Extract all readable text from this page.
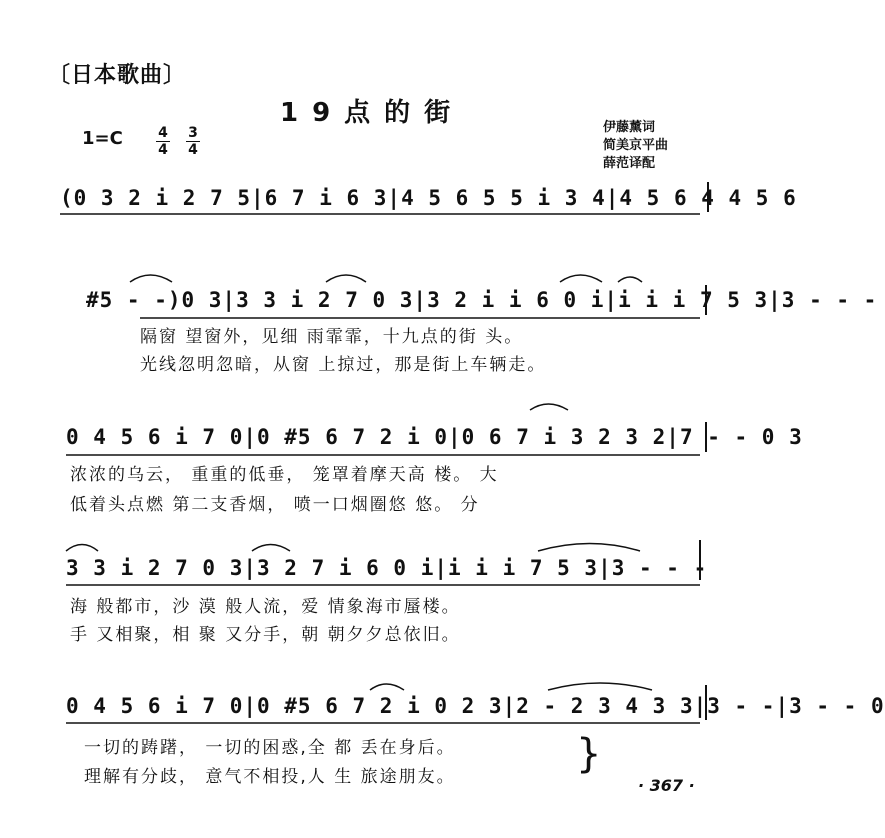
〔日本歌曲〕
19点的街
1=C	4
4
3
4
伊藤薰词
简美京平曲
薛范译配
(0 3 2 i 2 7 5|6 7 i 6 3|4 5 6 5 5 i 3 4|4 5 6 4 4 5 6
#5 - -)0 3|3 3 i 2 7 0 3|3 2 i i 6 0 i|i i i 7 5 3|3 - - -
隔窗 望窗外，见细 雨霏霏，十九点的街 头。
光线忽明忽暗，从窗 上掠过，那是街上车辆走。
0 4 5 6 i 7 0|0 #5 6 7 2 i 0|0 6 7 i 3 2 3 2|7 - - 0 3
浓浓的乌云， 重重的低垂， 笼罩着摩天高 楼。 大
低着头点燃 第二支香烟， 喷一口烟圈悠 悠。 分
3 3 i 2 7 0 3|3 2 7 i 6 0 i|i i i 7 5 3|3 - - -
海 般都市，沙 漠 般人流，爱 情象海市蜃楼。
手 又相聚，相 聚 又分手，朝 朝夕夕总依旧。
0 4 5 6 i 7 0|0 #5 6 7 2 i 0 2 3|2 - 2 3 4 3 3|3 - -|3 - - 0
一切的踌躇， 一切的困惑,全 都 丢在身后。
理解有分歧， 意气不相投,人 生 旅途朋友。	}
· 367 ·
